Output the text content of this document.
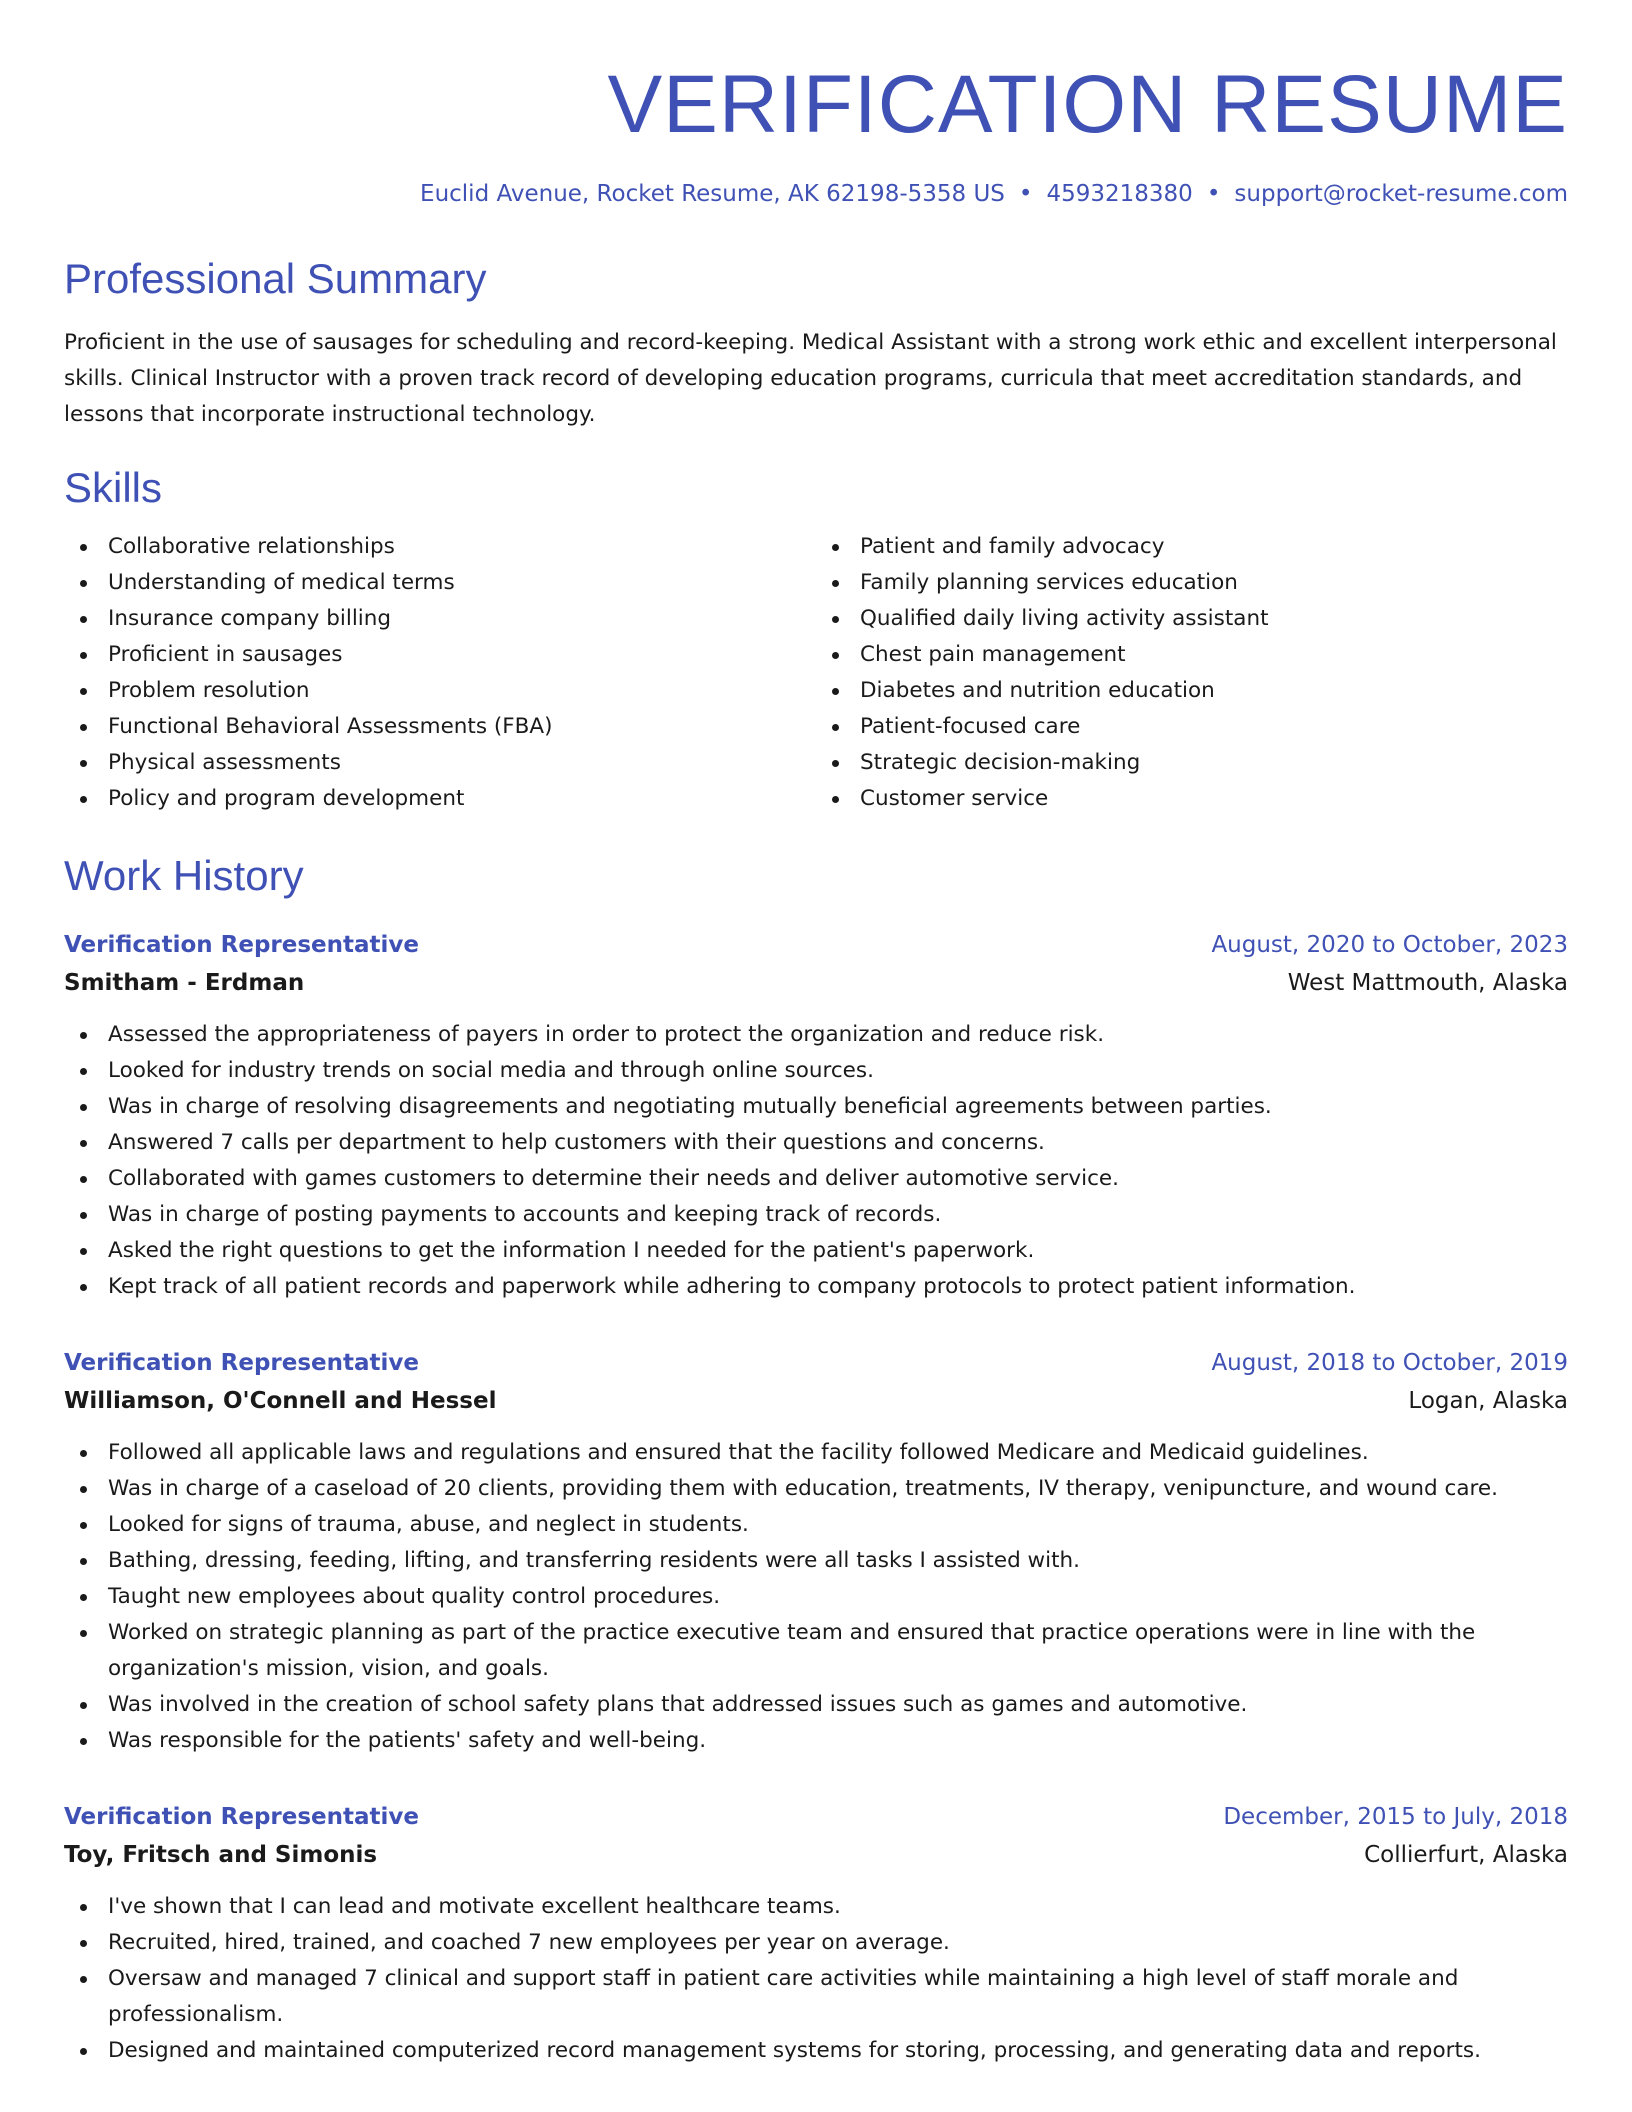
VERIFICATION RESUME
Euclid Avenue, Rocket Resume, AK 62198-5358 US • 4593218380 • support@rocket-resume.com
Professional Summary

Proficient in the use of sausages for scheduling and record-keeping. Medical Assistant with a strong work ethic and excellent interpersonal skills. Clinical Instructor with a proven track record of developing education programs, curricula that meet accreditation standards, and lessons that incorporate instructional technology.

Skills
Collaborative relationships
Understanding of medical terms
Insurance company billing
Proficient in sausages
Problem resolution
Functional Behavioral Assessments (FBA)
Physical assessments
Policy and program development
Patient and family advocacy
Family planning services education
Qualified daily living activity assistant
Chest pain management
Diabetes and nutrition education
Patient-focused care
Strategic decision-making
Customer service
Work History
Verification Representative	August, 2020 to October, 2023
Smitham - Erdman	West Mattmouth, Alaska
Assessed the appropriateness of payers in order to protect the organization and reduce risk.
Looked for industry trends on social media and through online sources.
Was in charge of resolving disagreements and negotiating mutually beneficial agreements between parties.
Answered 7 calls per department to help customers with their questions and concerns.
Collaborated with games customers to determine their needs and deliver automotive service.
Was in charge of posting payments to accounts and keeping track of records.
Asked the right questions to get the information I needed for the patient's paperwork.
Kept track of all patient records and paperwork while adhering to company protocols to protect patient information.
Verification Representative	August, 2018 to October, 2019
Williamson, O'Connell and Hessel	Logan, Alaska
Followed all applicable laws and regulations and ensured that the facility followed Medicare and Medicaid guidelines.
Was in charge of a caseload of 20 clients, providing them with education, treatments, IV therapy, venipuncture, and wound care.
Looked for signs of trauma, abuse, and neglect in students.
Bathing, dressing, feeding, lifting, and transferring residents were all tasks I assisted with.
Taught new employees about quality control procedures.
Worked on strategic planning as part of the practice executive team and ensured that practice operations were in line with the organization's mission, vision, and goals.
Was involved in the creation of school safety plans that addressed issues such as games and automotive.
Was responsible for the patients' safety and well-being.
Verification Representative	December, 2015 to July, 2018
Toy, Fritsch and Simonis	Collierfurt, Alaska
I've shown that I can lead and motivate excellent healthcare teams.
Recruited, hired, trained, and coached 7 new employees per year on average.
Oversaw and managed 7 clinical and support staff in patient care activities while maintaining a high level of staff morale and professionalism.
Designed and maintained computerized record management systems for storing, processing, and generating data and reports.
